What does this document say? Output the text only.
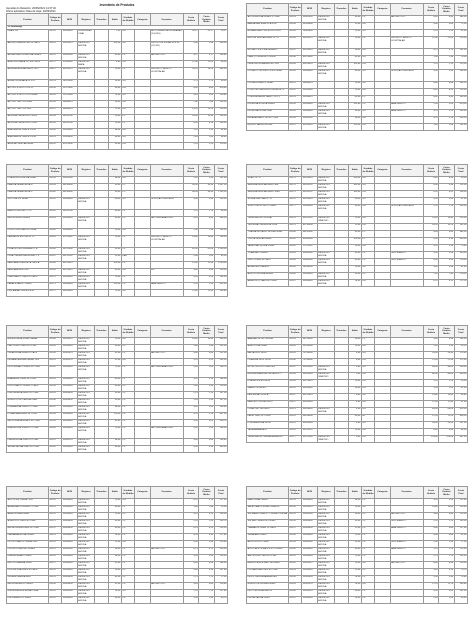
Inventário de Produtos
Geração do Relatório: 20/05/2021 14:37:40
Filtros aplicados: Data de Hoje: 20/05/2021
Produto	Código do Produto	NCM	Registro	Procedes	Saldo	Unidade de Medida	Categoria	Formatos	Custo Unitário	Custo Unitário Médio	Custo Total
2 Produto/Agr											
GRAN 123	00124	30049099	SUSPENSÃO ORAL		1,00	UN		ACTIONS ANTIMICROBIANAS (100 MG)	26,17	26,17	26,17
AMOXICILINA 500 MG 14 CAPS	00331	30042019	REGISTRO ANVISA		100,00	UN		PROTETOR SOLAR FPS 30 (120 ML)	2,40	2,40	240,00
AZIDREX AZITROMICINA 500MG	00131	30042099	REGISTRO ANVISA		40,00	CX		ANTIBIÓTICO	5,17	5,17	206,80
AGROPECUÁRIA DO SUL 50KG	00127	31059090	REGISTRO MAPA		4,00	KG			12,00	12,00	48,00
AGULHA DESCARTÁVEL 25X7	00412	90183219	REGISTRO ANVISA		20,00	CX		PRODUTO MÉDICO HOSPITALAR	18,20	18,20	364,00
ÁGUA OXIGENADA 10 VOL	00133	28470000			18,00	UN			2,75	2,75	49,50
ÁLCOOL ETÍLICO 70% 1L	00134	22071090			36,00	UN			8,90	8,90	320,40
ÁLCOOL ETÍLICO 70% 500ML	00135	22071090			24,00	UN			5,45	5,45	130,80
ÁLCOOL GEL 70% 500G	00136	38089419			30,00	UN			7,80	7,80	234,00
ÁLCOOL GEL 70% 1KG	00137	38089419			12,00	UN			13,25	13,25	159,00
ALGODÃO HIDRÓFILO 500G	00138	56012190			10,00	PC			16,30	16,30	163,00
ALGODÃO HIDRÓFILO 250G	00139	56012190			15,00	PC			9,10	9,10	136,50
ATADURA DE CREPE 10CM	00140	30059090			48,00	UN			1,35	1,35	64,80
ATADURA DE CREPE 15CM	00141	30059090			48,00	UN			1,85	1,85	88,80
AVENTAL DESCARTÁVEL	00142	62101000			50,00	UN			2,20	2,20	110,00
Produto	Código do Produto	NCM	Registro	Procedes	Saldo	Unidade de Medida	Categoria	Formatos	Custo Unitário	Custo Unitário Médio	Custo Total
AZITROMICINA 500MG 3 COMP	00143	30042099	REGISTRO ANVISA		60,00	CX		ANTIBIÓTICO	6,40	6,40	384,00
BANDAGEM ELÁSTICA 5CM	00144	30059090			20,00	UN			3,60	3,60	72,00
BICARBONATO DE SÓDIO 100G	00145	28363000			25,00	UN			2,10	2,10	52,50
BISTURI DESCARTÁVEL Nº 22	00146	90183219	REGISTRO ANVISA		10,00	CX		PRODUTO MÉDICO HOSPITALAR	22,00	22,00	220,00
BOLSA COLETORA URINA 2L	00147	90183929	REGISTRO ANVISA		30,00	UN			4,75	4,75	142,50
CAMPO CIRÚRGICO 40X40	00148	63079090			40,00	UN			1,90	1,90	76,00
CATETER INTRAVENOSO 20G	00149	90183929	REGISTRO ANVISA		100,00	UN			1,15	1,15	115,00
CLORETO DE SÓDIO 0,9% 500ML	00150	30049099	REGISTRO ANVISA		80,00	UN		SOLUÇÃO INJETÁVEL	3,30	3,30	264,00
CLOREXIDINA 2% 100ML	00151	38089419			24,00	UN			6,80	6,80	163,20
COLETOR PERFUROCORTANTE 7L	00152	39269090			15,00	UN			8,20	8,20	123,00
COMPRESSA DE GAZE 7,5X7,5	00153	30059019			60,00	PC			4,40	4,40	264,00
DIPIRONA SÓDICA 500MG	00154	30049069	REGISTRO ANVISA		200,00	CX		ANALGÉSICO	2,05	2,05	410,00
DIPIRONA GOTAS 20ML	00155	30049069	REGISTRO ANVISA		90,00	UN		ANALGÉSICO	3,15	3,15	283,50
ESPARADRAPO 10CM X 4,5M	00156	30051090			36,00	UN			5,70	5,70	205,20
EQUIPO MACROGOTAS	00157	90183929	REGISTRO ANVISA		120,00	UN			1,60	1,60	192,00
Produto	Código do Produto	NCM	Registro	Procedes	Saldo	Unidade de Medida	Categoria	Formatos	Custo Unitário	Custo Unitário Médio	Custo Total
FITA MICROPOROSA 25MM	00158	30051090			48,00	UN			2,95	2,95	141,60
FRALDA GERIÁTRICA M	00159	96190000			30,00	PC			34,90	34,90	1.047,00
FRALDA GERIÁTRICA G	00160	96190000			30,00	PC			38,50	38,50	1.155,00
GLICOSE 5% 500ML	00161	30049099	REGISTRO ANVISA		60,00	UN		SOLUÇÃO INJETÁVEL	3,90	3,90	234,00
HASTE FLEXÍVEL C/ 75	00162	56012190			40,00	CX			1,70	1,70	68,00
IBUPROFENO 600MG	00163	30049039	REGISTRO ANVISA		80,00	CX		ANTI-INFLAMATÓRIO	4,85	4,85	388,00
IODOPOVIDONA 10% 100ML	00164	30049099			20,00	UN			7,30	7,30	146,00
LÂMINA DE BISTURI Nº 15	00165	82119400	REGISTRO ANVISA		10,00	CX		PRODUTO MÉDICO HOSPITALAR	19,80	19,80	198,00
LUVA DE PROCEDIMENTO M	00166	40151900	REGISTRO ANVISA		50,00	CX			42,00	42,00	2.100,00
LUVA CIRÚRGICA ESTÉRIL 7,5	00167	40151100	REGISTRO ANVISA		25,00	PAR			2,60	2,60	65,00
MÁSCARA CIRÚRGICA TRIPLA	00168	63079010			100,00	CX			12,50	12,50	1.250,00
MÁSCARA N95 PFF2	00169	63079010	REGISTRO ANVISA		60,00	UN		EPI	3,80	3,80	228,00
OMEPRAZOL 20MG 28 CAPS	00170	30049099	REGISTRO ANVISA		70,00	CX			4,20	4,20	294,00
PARACETAMOL 750MG	00171	30049069	REGISTRO ANVISA		150,00	CX		ANALGÉSICO	2,35	2,35	352,50
PINÇA ANATÔMICA 14CM	00172	90189099			12,00	UN			11,40	11,40	136,80
Produto	Código do Produto	NCM	Registro	Procedes	Saldo	Unidade de Medida	Categoria	Formatos	Custo Unitário	Custo Unitário Médio	Custo Total
SCALP Nº 21	00173	90183929	REGISTRO ANVISA		200,00	UN			0,45	0,45	90,00
SERINGA DESCARTÁVEL 5ML	00174	90183119	REGISTRO ANVISA		300,00	UN			0,38	0,38	114,00
SERINGA DESCARTÁVEL 10ML	00175	90183119	REGISTRO ANVISA		300,00	UN			0,52	0,52	156,00
SONDA URETRAL Nº 12	00176	90183929	REGISTRO ANVISA		50,00	UN			0,95	0,95	47,50
SORO FISIOLÓGICO 250ML	00177	30049099	REGISTRO ANVISA		90,00	UN		SOLUÇÃO INJETÁVEL	2,70	2,70	243,00
TERMÔMETRO DIGITAL	00178	90251190	REGISTRO INMETRO		15,00	UN			14,90	14,90	223,50
TESOURA CIRÚRGICA 15CM	00179	82130000			10,00	UN			16,20	16,20	162,00
TOALHA DE PAPEL INTERFOLHA	00180	48182000			40,00	PC			9,60	9,60	384,00
TOUCA DESCARTÁVEL	00181	65050090			100,00	PC			6,30	6,30	630,00
VASELINA LÍQUIDA 100ML	00182	27101932			18,00	UN			4,10	4,10	73,80
VITAMINA C 500MG	00183	30045090	REGISTRO ANVISA		60,00	CX		SUPLEMENTO	5,50	5,50	330,00
ZINCO 10MG 30 CAPS	00184	30045090	REGISTRO ANVISA		40,00	CX		SUPLEMENTO	6,90	6,90	276,00
ÁGUA DESTILADA 1L	00185	28510000			24,00	UN			3,40	3,40	81,60
ACETILCISTEÍNA 600MG	00186	30049099	REGISTRO ANVISA		35,00	CX			7,95	7,95	278,25
AMBROXOL XAROPE 120ML	00187	30049099	REGISTRO ANVISA		28,00	UN			6,15	6,15	172,20
Produto	Código do Produto	NCM	Registro	Procedes	Saldo	Unidade de Medida	Categoria	Formatos	Custo Unitário	Custo Unitário Médio	Custo Total
BUDESONIDA SPRAY NASAL	00188	30043929	REGISTRO ANVISA		20,00	UN			18,40	18,40	368,00
CAPTOPRIL 25MG 30 COMP	00189	30049099	REGISTRO ANVISA		90,00	CX			2,80	2,80	252,00
CEFALEXINA 500MG 8 CAPS	00190	30042019	REGISTRO ANVISA		45,00	CX		ANTIBIÓTICO	5,60	5,60	252,00
DEXAMETASONA CREME 10G	00191	30043229	REGISTRO ANVISA		32,00	UN			3,25	3,25	104,00
DICLOFENACO 50MG 20 COMP	00192	30049039	REGISTRO ANVISA		75,00	CX		ANTI-INFLAMATÓRIO	2,65	2,65	198,75
ENALAPRIL 10MG 30 COMP	00193	30049099	REGISTRO ANVISA		60,00	CX			3,10	3,10	186,00
FLUCONAZOL 150MG 1 CAPS	00194	30049099	REGISTRO ANVISA		40,00	CX			2,90	2,90	116,00
FUROSEMIDA 40MG 20 COMP	00195	30049099	REGISTRO ANVISA		50,00	CX			2,15	2,15	107,50
HIDROCLOROTIAZIDA 25MG	00196	30049099	REGISTRO ANVISA		55,00	CX			1,95	1,95	107,25
LORATADINA 10MG 12 COMP	00197	30049099	REGISTRO ANVISA		48,00	CX			3,45	3,45	165,60
LOSARTANA 50MG 30 COMP	00198	30049099	REGISTRO ANVISA		110,00	CX			3,70	3,70	407,00
METFORMINA 850MG 30 COMP	00199	30049099	REGISTRO ANVISA		95,00	CX			3,05	3,05	289,75
NIMESULIDA 100MG 12 COMP	00200	30049039	REGISTRO ANVISA		70,00	CX		ANTI-INFLAMATÓRIO	2,40	2,40	168,00
PREDNISONA 20MG 10 COMP	00201	30043229	REGISTRO ANVISA		38,00	CX			3,60	3,60	136,80
SINVASTATINA 20MG 30 COMP	00202	30049099	REGISTRO ANVISA		85,00	CX			4,30	4,30	365,50
Produto	Código do Produto	NCM	Registro	Procedes	Saldo	Unidade de Medida	Categoria	Formatos	Custo Unitário	Custo Unitário Médio	Custo Total
ABAIXADOR DE LÍNGUA	00203	44219900			30,00	PC			4,80	4,80	144,00
ALMOTOLIA 250ML	00204	39233000			24,00	UN			2,30	2,30	55,20
BACIA INOX 30CM	00205	73239300			6,00	UN			29,90	29,90	179,40
CUBA RIM INOX 26CM	00206	73239300			8,00	UN			21,50	21,50	172,00
ESTETOSCÓPIO SIMPLES	00207	90189099	REGISTRO ANVISA		5,00	UN			48,00	48,00	240,00
ESFIGMOMANÔMETRO ADULTO	00208	90189099	REGISTRO INMETRO		5,00	UN			86,00	86,00	430,00
FITA MÉTRICA 150CM	00209	90178010			20,00	UN			1,20	1,20	24,00
GARROTE LÁTEX	00210	40169990			30,00	UN			1,05	1,05	31,50
LANTERNA CLÍNICA	00211	85131010			6,00	UN			15,80	15,80	94,80
MARTELO DE REFLEXO	00212	90189099			4,00	UN			12,90	12,90	51,60
OXÍMETRO DE DEDO	00213	90189099	REGISTRO ANVISA		6,00	UN			69,00	69,00	414,00
PAPEL LENÇOL 70X50	00214	48189090			40,00	RL			11,20	11,20	448,00
PORTA AGULHA 14CM	00215	90189099			6,00	UN			24,50	24,50	147,00
TALA ARAMADA M	00216	90211020			10,00	UN			6,40	6,40	64,00
TERMÔMETRO INFRAVERMELHO	00217	90251990	REGISTRO INMETRO		3,00	UN			129,00	129,00	387,00
Produto	Código do Produto	NCM	Registro	Procedes	Saldo	Unidade de Medida	Categoria	Formatos	Custo Unitário	Custo Unitário Médio	Custo Total
ACICLOVIR CREME 10G	00218	30049099	REGISTRO ANVISA		25,00	UN			4,70	4,70	117,50
ALBENDAZOL 400MG 1 COMP	00219	30049099	REGISTRO ANVISA		40,00	CX			1,85	1,85	74,00
AMINOFILINA 100MG	00220	30049099	REGISTRO ANVISA		20,00	CX			5,25	5,25	105,00
ATENOLOL 25MG 30 COMP	00221	30049099	REGISTRO ANVISA		65,00	CX			2,55	2,55	165,75
BROMOPRIDA 10MG 20 COMP	00222	30049099	REGISTRO ANVISA		30,00	CX			4,15	4,15	124,50
CARBAMAZEPINA 200MG	00223	30049099	REGISTRO ANVISA		28,00	CX			6,35	6,35	177,80
CETOCONAZOL CREME 30G	00224	30049099	REGISTRO ANVISA		22,00	UN			5,90	5,90	129,80
CIPROFLOXACINO 500MG	00225	30042099	REGISTRO ANVISA		36,00	CX		ANTIBIÓTICO	6,75	6,75	243,00
DIMENIDRINATO 50MG	00226	30049099	REGISTRO ANVISA		34,00	CX			3,95	3,95	134,30
ESCOPOLAMINA 10MG	00227	30049099	REGISTRO ANVISA		42,00	CX			4,45	4,45	186,90
FLUOXETINA 20MG 30 CAPS	00228	30049099	REGISTRO ANVISA		26,00	CX			5,30	5,30	137,80
GLIBENCLAMIDA 5MG	00229	30049099	REGISTRO ANVISA		44,00	CX			1,75	1,75	77,00
METRONIDAZOL 250MG	00230	30049099	REGISTRO ANVISA		32,00	CX		ANTIBIÓTICO	3,65	3,65	116,80
NISTATINA SUSPENSÃO 50ML	00231	30042099	REGISTRO ANVISA		18,00	UN			7,10	7,10	127,80
PROPRANOLOL 40MG	00232	30049099	REGISTRO ANVISA		46,00	CX			1,95	1,95	89,70
Produto	Código do Produto	NCM	Registro	Procedes	Saldo	Unidade de Medida	Categoria	Formatos	Custo Unitário	Custo Unitário Médio	Custo Total
RANITIDINA 150MG	00233	30049099	REGISTRO ANVISA		38,00	CX			3,20	3,20	121,60
SALBUTAMOL SPRAY 100MCG	00234	30043929	REGISTRO ANVISA		16,00	UN			14,60	14,60	233,60
SULFAMETOXAZOL + TRIMETOPRIMA	00235	30042099	REGISTRO ANVISA		30,00	CX		ANTIBIÓTICO	3,85	3,85	115,50
SULFATO FERROSO 40MG	00236	30045090	REGISTRO ANVISA		50,00	CX		SUPLEMENTO	2,10	2,10	105,00
TRAMADOL 50MG 10 CAPS	00237	30049099	REGISTRO ANVISA		12,00	CX		ANALGÉSICO	9,80	9,80	117,60
VERAPAMIL 80MG	00238	30049099	REGISTRO ANVISA		20,00	CX			4,60	4,60	92,00
ÁCIDO FÓLICO 5MG	00239	30045090	REGISTRO ANVISA		55,00	CX		SUPLEMENTO	1,40	1,40	77,00
ÁCIDO ACETILSALICÍLICO 100MG	00240	30049069	REGISTRO ANVISA		90,00	CX		ANALGÉSICO	1,25	1,25	112,50
ANLODIPINO 5MG 30 COMP	00241	30049099	REGISTRO ANVISA		70,00	CX			2,75	2,75	192,50
BENZILPENICILINA 1.200.000UI	00242	30041012	REGISTRO ANVISA		15,00	UN		ANTIBIÓTICO	8,40	8,40	126,00
CLONAZEPAM 2MG 30 COMP	00243	30049099	REGISTRO ANVISA		22,00	CX			3,35	3,35	73,70
DEXCLORFENIRAMINA 2MG	00244	30049099	REGISTRO ANVISA		26,00	CX			2,90	2,90	75,40
HIDROCORTISONA 100MG	00245	30043229	REGISTRO ANVISA		14,00	UN			11,70	11,70	163,80
LEVOTIROXINA 50MCG	00246	30043919	REGISTRO ANVISA		40,00	CX			4,05	4,05	162,00
PROMETAZINA 25MG	00247	30049099	REGISTRO ANVISA		24,00	CX			2,65	2,65	63,60
